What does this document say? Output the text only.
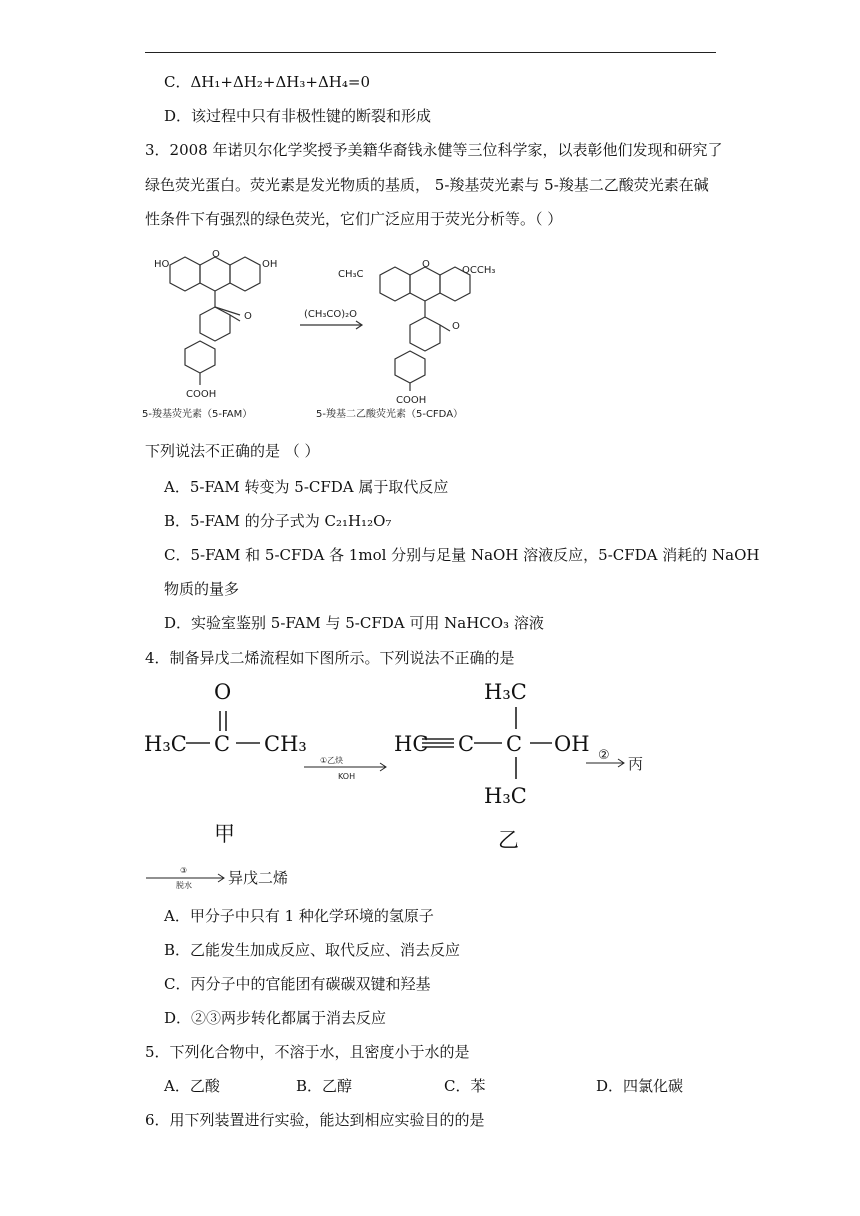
C．ΔH₁+ΔH₂+ΔH₃+ΔH₄=0
D．该过程中只有非极性键的断裂和形成
3．2008 年诺贝尔化学奖授予美籍华裔钱永健等三位科学家，以表彰他们发现和研究了
绿色荧光蛋白。荧光素是发光物质的基质， 5-羧基荧光素与 5-羧基二乙酸荧光素在碱
性条件下有强烈的绿色荧光，它们广泛应用于荧光分析等。（ ）
HO	OH
O
O
COOH
(CH₃CO)₂O
CH₃C	OCCH₃
O
O
COOH
5-羧基荧光素（5-FAM）	5-羧基二乙酸荧光素（5-CFDA）
下列说法不正确的是 （ ）
A．5-FAM 转变为 5-CFDA 属于取代反应
B．5-FAM 的分子式为 C₂₁H₁₂O₇
C．5-FAM 和 5-CFDA 各 1mol 分别与足量 NaOH 溶液反应，5-CFDA 消耗的 NaOH
物质的量多
D．实验室鉴别 5-FAM 与 5-CFDA 可用 NaHCO₃ 溶液
4．制备异戊二烯流程如下图所示。下列说法不正确的是
O
H₃C C CH₃
H₃C
HC C C OH
H₃C
甲	乙
①乙炔
KOH
② 丙
③
脱水 异戊二烯
A．甲分子中只有 1 种化学环境的氢原子
B．乙能发生加成反应、取代反应、消去反应
C．丙分子中的官能团有碳碳双键和羟基
D．②③两步转化都属于消去反应
5．下列化合物中，不溶于水，且密度小于水的是
A．乙酸	B．乙醇	C．苯	D．四氯化碳
6．用下列装置进行实验，能达到相应实验目的的是
